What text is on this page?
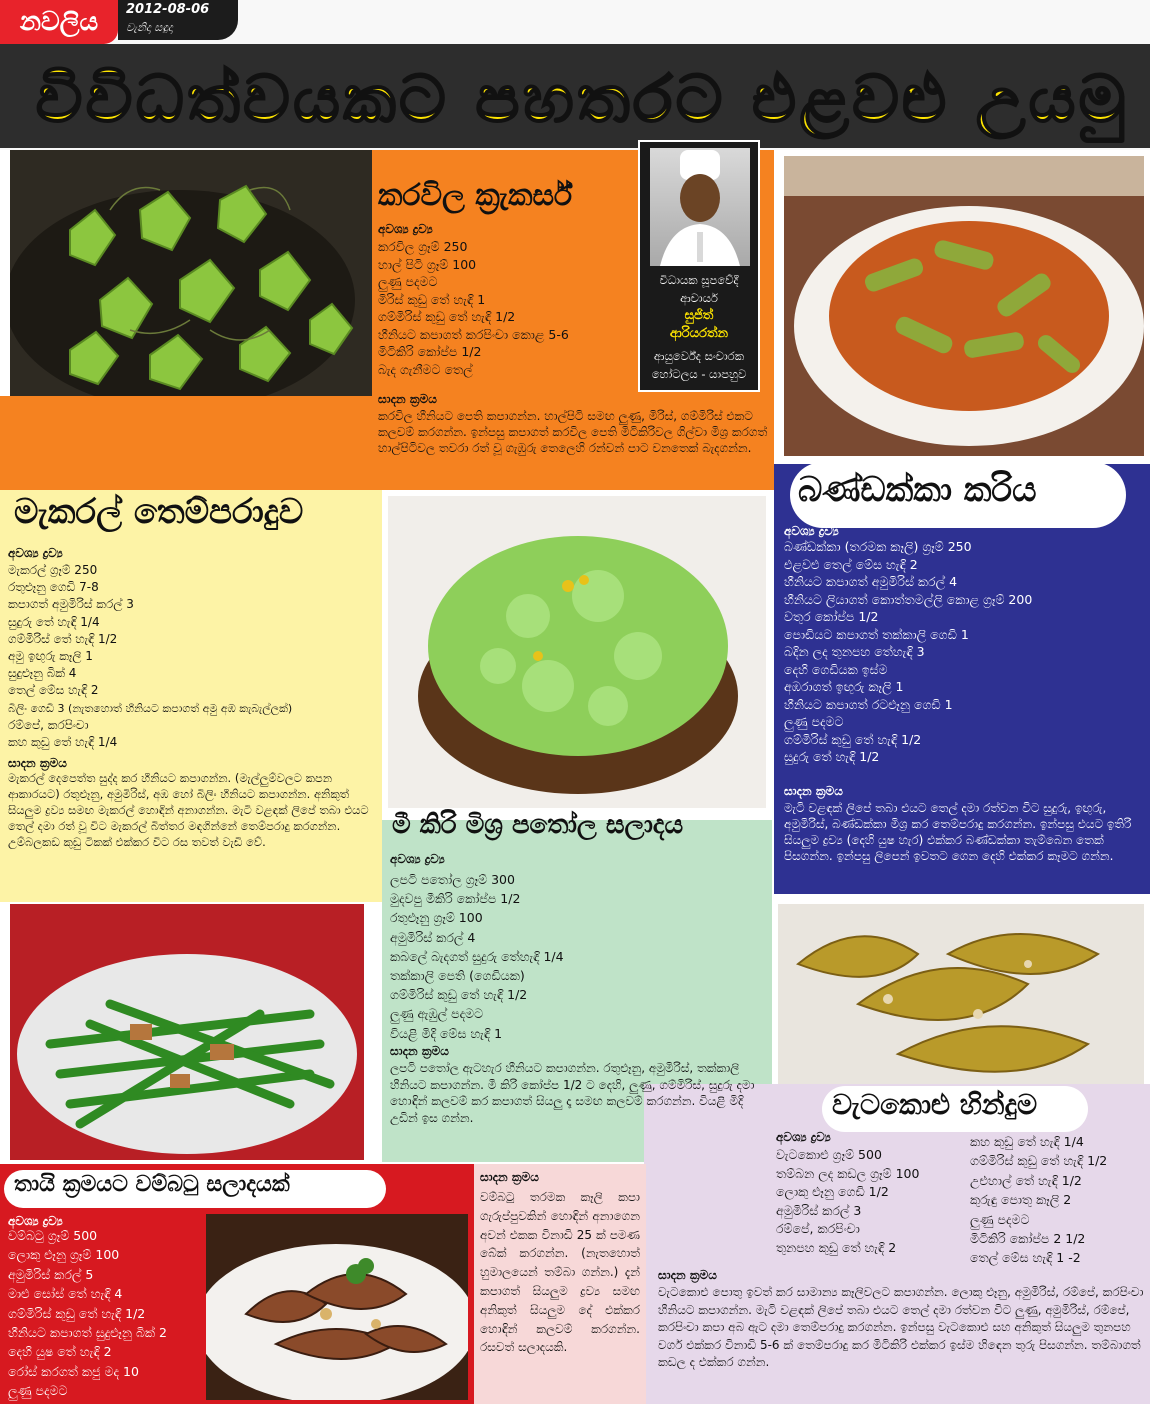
විවිධත්වයකට පහතරට එළවළු උයමු
නවලිය	2012-08-06
වැනිදා සඳුදා
කරවිල ක්‍රැකර්ස්
අවශ්‍ය ද්‍රව්‍ය
කරවිල ග්‍රෑම් 250
හාල් පිටි ග්‍රෑම් 100
ලුණු පදමට
මිරිස් කුඩු තේ හැඳි 1
ගම්මිරිස් කුඩු තේ හැඳි 1/2
හීනියට කපාගත් කරපිංචා කොළ 5-6
මිටිකිරි කෝප්ප 1/2
බැද ගැනීමට තෙල්
සාදන ක්‍රමය
කරවිල හීනියට පෙති කපාගන්න. හාල්පිටි සමඟ ලුණු, මිරිස්, ගම්මිරිස් එකට කලවම් කරගන්න. ඉන්පසු කපාගත් කරවිල පෙති මිටිකිරිවල ගිල්වා මිශ්‍ර කරගත් හාල්පිටිවල තවරා රත් වූ ගැඹුරු තෙලෙහි රන්වන් පාට වනතෙක් බැදගන්න.
විධායක සූපවේදී
ආචාර්ය
සුජිත්
ආරියරත්න
ආයුර්වේද සංචාරක
හෝටලය - යාපහුව
මැකරල් තෙම්පරාදුව
අවශ්‍ය ද්‍රව්‍ය
මැකරල් ග්‍රෑම් 250
රතුළූනු ගෙඩි 7-8
කපාගත් අමුමිරිස් කරල් 3
සුදුරු තේ හැඳි 1/4
ගම්මිරිස් තේ හැඳි 1/2
අමු ඉඟුරු කෑලි 1
සුදුළූනු බික් 4
තෙල් මේස හැඳි 2
බිලිං ගෙඩි 3 (නැතහොත් හීනියට කපාගත් අමු අඹ කැබැල්ලක්)
රම්පේ, කරපිංචා
කහ කුඩු තේ හැඳි 1/4
සාදන ක්‍රමය
මැකරල් දෙපෙත්ත සුද්ද කර හීනියට කපාගන්න. (මැල්ලුම්වලට කපන ආකාරයට) රතුළූනු, අමුමිරිස්, අඹ හෝ බිලිං හීනියට කපාගන්න. අනිකුත් සියලුම ද්‍රව්‍ය සමඟ මැකරල් හොඳින් අනාගන්න. මැටි වළඳක් ලිපේ තබා එයට තෙල් දමා රත් වූ විට මැකරල් බිත්තර මඳගින්නේ තෙම්පරාදු කරගන්න. උම්බලකඩ කුඩු ටිකක් එක්කර විට රස තවත් වැඩි වේ.
බණ්ඩක්කා කරිය
අවශ්‍ය ද්‍රව්‍ය
බණ්ඩක්කා (තරමක කෑලි) ග්‍රෑම් 250
එළවළු තෙල් මේස හැඳි 2
හීනියට කපාගත් අමුමිරිස් කරල් 4
හීනියට ලියාගත් කොත්තමල්ලි කොළ ග්‍රෑම් 200
වතුර කෝප්ප 1/2
පොඩියට කපාගත් තක්කාලි ගෙඩි 1
බදින ලද තුනපහ තේහැඳි 3
දෙහි ගෙඩියක ඉස්ම
අඹරාගත් ඉඟුරු කෑලි 1
හීනියට කපාගත් රටළූනු ගෙඩි 1
ලුණු පදමට
ගම්මිරිස් කුඩු තේ හැඳි 1/2
සුදුරු තේ හැඳි 1/2
සාදන ක්‍රමය
මැටි වළඳක් ලිපේ තබා එයට තෙල් දමා රත්වන විට සුදුරු, ඉඟුරු, අමුමිරිස්, බණ්ඩක්කා මිශ්‍ර කර තෙම්පරාදු කරගන්න. ඉන්පසු එයට ඉතිරි සියලුම ද්‍රව්‍ය (දෙහි යුෂ හැර) එක්කර බණ්ඩක්කා තැම්බෙන තෙක් පිසගන්න. ඉන්පසු ලිපෙන් ඉවතට ගෙන දෙහි එක්කර කෑමට ගන්න.
මී කිරි මිශ්‍ර පතෝල සලාදය
අවශ්‍ය ද්‍රව්‍ය
ලපටි පතෝල ග්‍රෑම් 300
මුදවපු මීකිරි කෝප්ප 1/2
රතුළූනු ග්‍රෑම් 100
අමුමිරිස් කරල් 4
කබලේ බැදගත් සුදුරු තේහැඳි 1/4
තක්කාලි පෙති (ගෙඩියක)
ගම්මිරිස් කුඩු තේ හැඳි 1/2
ලුණු ඇඹුල් පදමට
වියළි මිදි මේස හැඳි 1
සාදන ක්‍රමය
ලපටි පතෝල ඇටහැර හීනියට කපාගන්න. රතුළූනු, අමුමිරිස්, තක්කාලි හීනියට කපාගන්න. මී කිරි කෝප්ප 1/2 ට දෙහි, ලුණු, ගම්මිරිස්, සුදුරු දමා හොඳින් කලවම් කර කපාගත් සියලු දෑ සමඟ කලවම් කරගන්න. වියළි මිදි උඩින් ඉස ගන්න.	වැටකොළු හින්දුම
අවශ්‍ය ද්‍රව්‍ය
වැටකොළු ග්‍රෑම් 500
තම්බන ලද කඩල ග්‍රෑම් 100
ලොකු ළූනු ගෙඩි 1/2
අමුමිරිස් කරල් 3
රම්පේ, කරපිංචා
තුනපහ කුඩු තේ හැඳි 2
කහ කුඩු තේ හැඳි 1/4
ගම්මිරිස් කුඩු තේ හැඳි 1/2
උළුහාල් තේ හැඳි 1/2
කුරුඳු පොතු කෑලි 2
ලුණු පදමට
මිටිකිරි කෝප්ප 2 1/2
තෙල් මේස හැඳි 1 -2
සාදන ක්‍රමය
වැටකොළු පොතු ඉවත් කර සාමාන්‍ය කෑලිවලට කපාගන්න. ලොකු ළූනු, අමුමිරිස්, රම්පේ, කරපිංචා හීනියට කපාගන්න. මැටි වළඳක් ලිපේ තබා එයට තෙල් දමා රත්වන විට ලුණු, අමුමිරිස්, රම්පේ, කරපිංචා කපා අබ ඇට දමා තෙම්පරාදු කරගන්න. ඉන්පසු වැටකොළු සහ අනිකුත් සියලුම තුනපහ වර්ග එක්කර විනාඩි 5-6 ක් තෙම්පරාදු කර මිටිකිරි එක්කර ඉස්ම හිඳෙන තුරු පිසගන්න. තම්බාගත් කඩල ද එක්කර ගන්න.
තායි ක්‍රමයට වම්බටු සලාදයක්
අවශ්‍ය ද්‍රව්‍ය
වම්බටු ග්‍රෑම් 500
ලොකු ළූනු ග්‍රෑම් 100
අමුමිරිස් කරල් 5
මාළු සෝස් තේ හැඳි 4
ගම්මිරිස් කුඩු තේ හැඳි 1/2
හීනියට කපාගත් සුදුළූනු බික් 2
දෙහි යුෂ තේ හැඳි 2
රෝස් කරගත් කජු මද 10
ලුණු පදමට
සාදන ක්‍රමය
වම්බටු තරමක කෑලි කපා ගැරුප්පුවකින් හොඳින් අනාගෙන අවන් එකක විනාඩි 25 ක් පමණ බේක් කරගන්න. (නැතහොත් හුමාලයෙන් තම්බා ගන්න.) දැන් කපාගත් සියලුම ද්‍රව්‍ය සමඟ අනිකුත් සියලුම දේ එක්කර හොඳින් කලවම් කරගන්න. රසවත් සලාදයකි.
